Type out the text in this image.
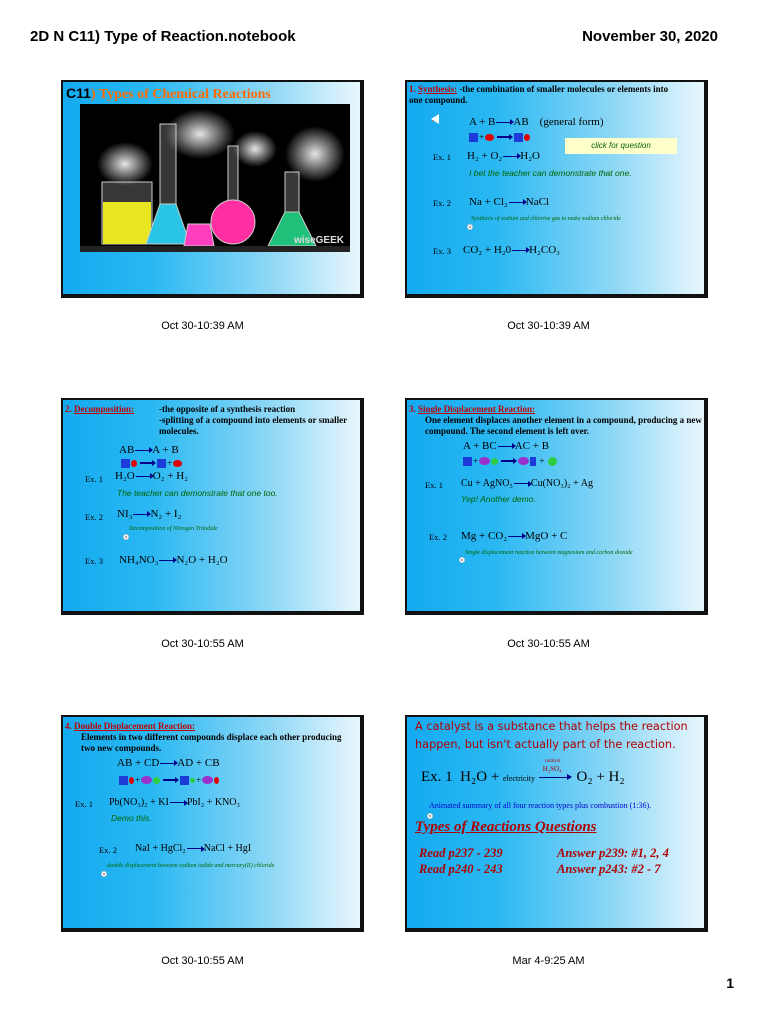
2D N C11) Type of Reaction.notebook	November 30, 2020
C11) Types of Chemical Reactions
wiseGEEK
Oct 30-10:39 AM
1. Synthesis: -the combination of smaller molecules or elements into one compound.
A + B AB (general form)
+
click for question
Ex. 1 H₂ + O₂ H₂O
I bet the teacher can demonstrate that one.
Ex. 2 Na + Cl₂ NaCl
Synthesis of sodium and chlorine gas to make sodium chloride
Ex. 3 CO₂ + H₂0 H₂CO₃
Oct 30-10:39 AM
2. Decomposition:	-the opposite of a synthesis reaction
-splitting of a compound into elements or smaller molecules.
AB A + B
+
Ex. 1 H₂O O₂ + H₂
The teacher can demonstrate that one too.
Ex. 2 NI₃ N₂ + I₂
Decomposition of Nitrogen Triiodide
Ex. 3 NH₄NO₃ N₂O + H₂O
Oct 30-10:55 AM
3. Single Displacement Reaction:
One element displaces another element in a compound, producing a new compound. The second element is left over.
A + BC AC + B
+	+
Ex. 1 Cu + AgNO₃ Cu(NO₃)₂ + Ag
Yep! Another demo.
Ex. 2 Mg + CO₂ MgO + C
Single displacement reaction between magnesium and carbon dioxide
Oct 30-10:55 AM
4. Double Displacement Reaction:
Elements in two different compounds displace each other producing two new compounds.
AB + CD AD + CB
+	+
Ex. 1 Pb(NO₃)₂ + KI PbI₂ + KNO₃
Demo this.
Ex. 2 NaI + HgCl₂ NaCl + HgI
double displacement between sodium iodide and mercury(II) chloride
Oct 30-10:55 AM
A catalyst is a substance that helps the reaction happen, but isn't actually part of the reaction.
Ex. 1 H₂O + electricity
catalyst
H₂SO₄
O₂ + H₂
Animated summary of all four reaction types plus combustion (1:36).
Types of Reactions Questions
Read p237 - 239
Read p240 - 243
Answer p239: #1, 2, 4
Answer p243: #2 - 7
Mar 4-9:25 AM
1
